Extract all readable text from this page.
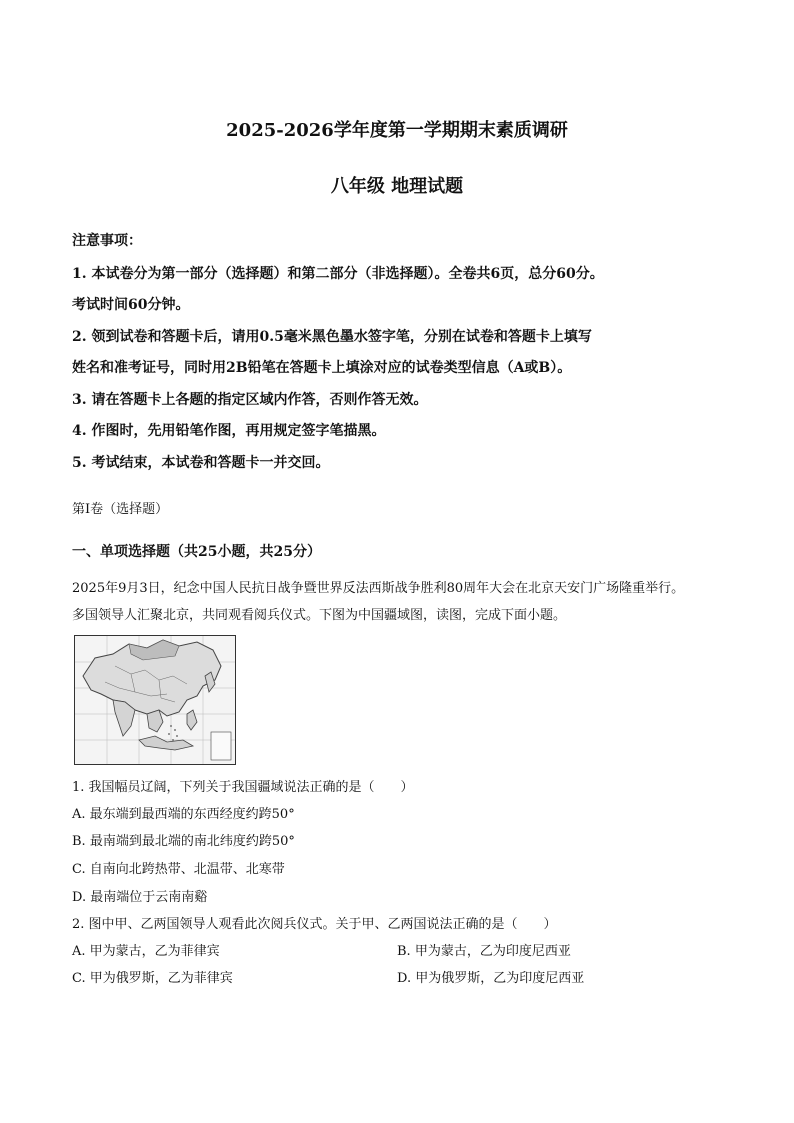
2025-2026学年度第一学期期末素质调研
八年级 地理试题
注意事项：
1. 本试卷分为第一部分（选择题）和第二部分（非选择题）。全卷共6页，总分60分。
考试时间60分钟。
2. 领到试卷和答题卡后，请用0.5毫米黑色墨水签字笔，分别在试卷和答题卡上填写
姓名和准考证号，同时用2B铅笔在答题卡上填涂对应的试卷类型信息（A或B）。
3. 请在答题卡上各题的指定区域内作答，否则作答无效。
4. 作图时，先用铅笔作图，再用规定签字笔描黑。
5. 考试结束，本试卷和答题卡一并交回。
第Ⅰ卷（选择题）
一、单项选择题（共25小题，共25分）
2025年9月3日，纪念中国人民抗日战争暨世界反法西斯战争胜利80周年大会在北京天安门广场隆重举行。
多国领导人汇聚北京，共同观看阅兵仪式。下图为中国疆域图，读图，完成下面小题。
1. 我国幅员辽阔，下列关于我国疆域说法正确的是（　　）
A. 最东端到最西端的东西经度约跨50°
B. 最南端到最北端的南北纬度约跨50°
C. 自南向北跨热带、北温带、北寒带
D. 最南端位于云南南谿
2. 图中甲、乙两国领导人观看此次阅兵仪式。关于甲、乙两国说法正确的是（　　）
A. 甲为蒙古，乙为菲律宾	B. 甲为蒙古，乙为印度尼西亚
C. 甲为俄罗斯，乙为菲律宾	D. 甲为俄罗斯，乙为印度尼西亚
